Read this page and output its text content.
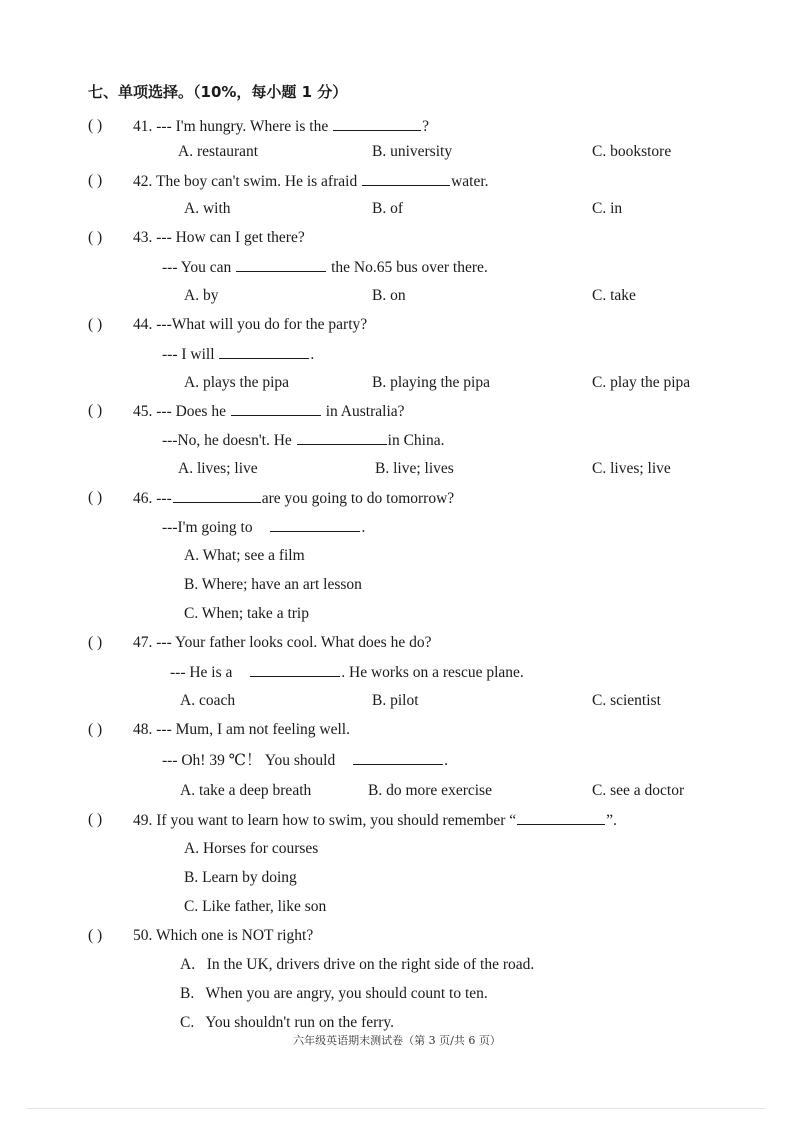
七、单项选择。（10%，每小题 1 分）
( ) 41. --- I'm hungry. Where is the	?
A. restaurant	B. university	C. bookstore
( ) 42. The boy can't swim. He is afraid	water.
A. with	B. of	C. in
( ) 43. --- How can I get there?
--- You can	the No.65 bus over there.
A. by	B. on	C. take
( ) 44. ---What will you do for the party?
--- I will	.
A. plays the pipa	B. playing the pipa	C. play the pipa
( ) 45. --- Does he	in Australia?
---No, he doesn't. He	in China.
A. lives; live	B. live; lives	C. lives; live
( ) 46. ---	are you going to do tomorrow?
---I'm going to	.
A. What; see a film
B. Where; have an art lesson
C. When; take a trip
( ) 47. --- Your father looks cool. What does he do?
--- He is a	. He works on a rescue plane.
A. coach	B. pilot	C. scientist
( ) 48. --- Mum, I am not feeling well.
--- Oh! 39 ℃！ You should	.
A. take a deep breath	B. do more exercise	C. see a doctor
( ) 49. If you want to learn how to swim, you should remember “	”.
A. Horses for courses
B. Learn by doing
C. Like father, like son
( ) 50. Which one is NOT right?
A.   In the UK, drivers drive on the right side of the road.
B.   When you are angry, you should count to ten.
C.   You shouldn't run on the ferry.
六年级英语期末测试卷（第 3 页/共 6 页）
